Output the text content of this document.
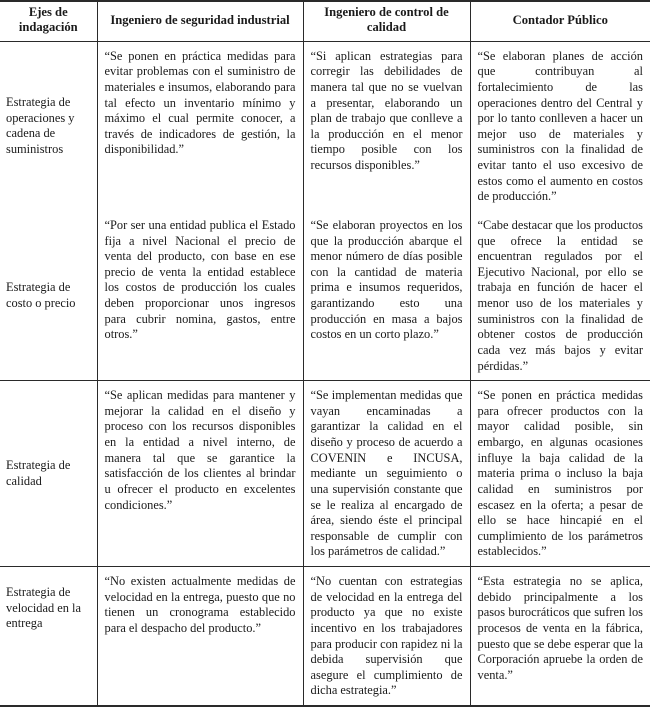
Ejes de indagación	Ingeniero de seguridad industrial	Ingeniero de control de calidad	Contador Público
Estrategia de operaciones y cadena de suministros	“Se ponen en práctica medidas para evitar problemas con el suministro de materiales e insumos, elaborando para tal efecto un inventario mínimo y máximo el cual permite conocer, a través de indicadores de gestión, la disponibilidad.”	“Si aplican estrategias para corregir las debilidades de manera tal que no se vuelvan a presentar, elaborando un plan de trabajo que conlleve a la producción en el menor tiempo posible con los recursos disponibles.”	“Se elaboran planes de acción que contribuyan al fortalecimiento de las operaciones dentro del Central y por lo tanto conlleven a hacer un mejor uso de materiales y suministros con la finalidad de evitar tanto el uso excesivo de estos como el aumento en costos de producción.”
Estrategia de costo o precio	“Por ser una entidad publica el Estado fija a nivel Nacional el precio de venta del producto, con base en ese precio de venta la entidad establece los costos de producción los cuales deben proporcionar unos ingresos para cubrir nomina, gastos, entre otros.”	“Se elaboran proyectos en los que la producción abarque el menor número de días posible con la cantidad de materia prima e insumos requeridos, garantizando esto una producción en masa a bajos costos en un corto plazo.”	“Cabe destacar que los productos que ofrece la entidad se encuentran regulados por el Ejecutivo Nacional, por ello se trabaja en función de hacer el menor uso de los materiales y suministros con la finalidad de obtener costos de producción cada vez más bajos y evitar pérdidas.”
Estrategia de calidad	“Se aplican medidas para mantener y mejorar la calidad en el diseño y proceso con los recursos disponibles en la entidad a nivel interno, de manera tal que se garantice la satisfacción de los clientes al brindar u ofrecer el producto en excelentes condiciones.”	“Se implementan medidas que vayan encaminadas a garantizar la calidad en el diseño y proceso de acuerdo a COVENIN e INCUSA, mediante un seguimiento o una supervisión constante que se le realiza al encargado de área, siendo éste el principal responsable de cumplir con los parámetros de calidad.”	“Se ponen en práctica medidas para ofrecer productos con la mayor calidad posible, sin embargo, en algunas ocasiones influye la baja calidad de la materia prima o incluso la baja calidad en suministros por escasez en la oferta; a pesar de ello se hace hincapié en el cumplimiento de los parámetros establecidos.”
Estrategia de velocidad en la entrega	“No existen actualmente medidas de velocidad en la entrega, puesto que no tienen un cronograma establecido para el despacho del producto.”	“No cuentan con estrategias de velocidad en la entrega del producto ya que no existe incentivo en los trabajadores para producir con rapidez ni la debida supervisión que asegure el cumplimiento de dicha estrategia.”	“Esta estrategia no se aplica, debido principalmente a los pasos burocráticos que sufren los procesos de venta en la fábrica, puesto que se debe esperar que la Corporación apruebe la orden de venta.”
